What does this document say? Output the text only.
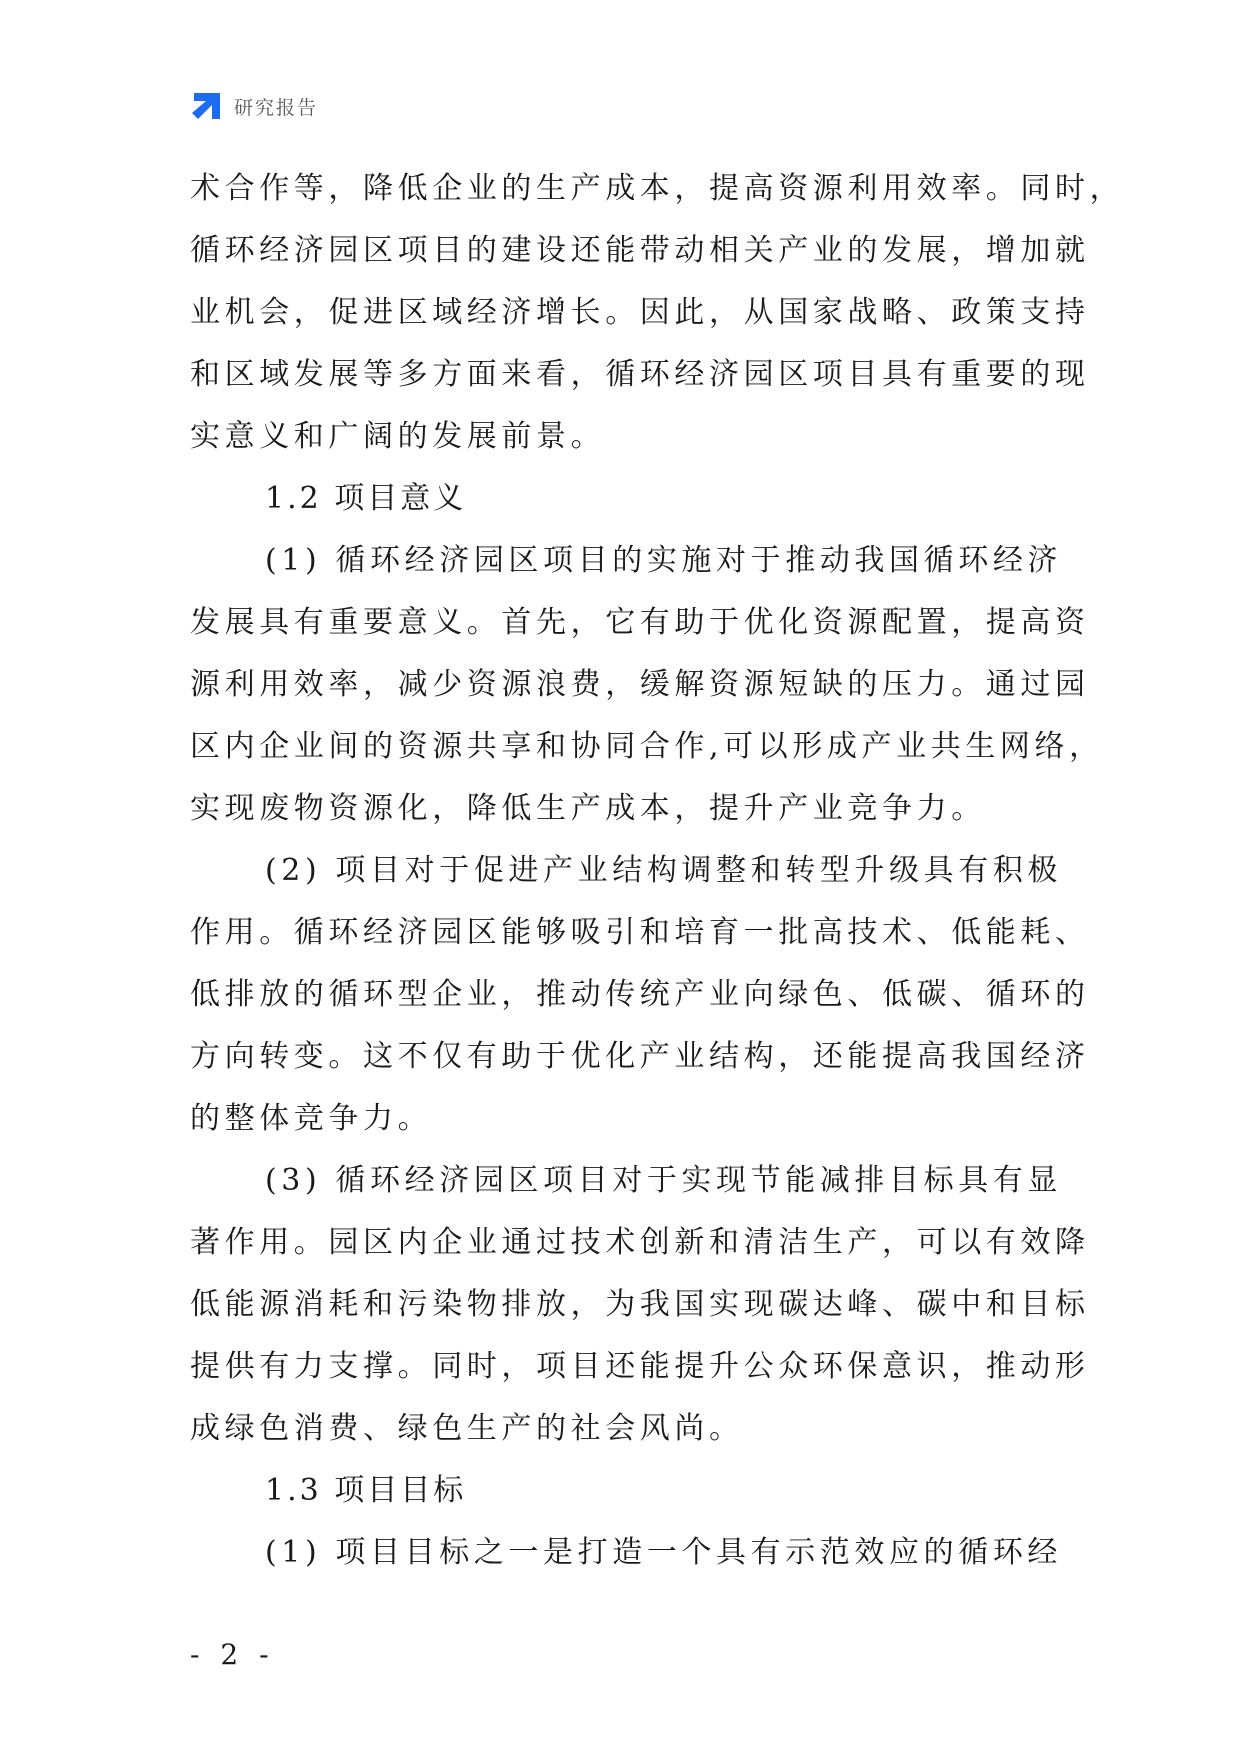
研究报告
术合作等，降低企业的生产成本，提高资源利用效率。同时，
循环经济园区项目的建设还能带动相关产业的发展，增加就
业机会，促进区域经济增长。因此，从国家战略、政策支持
和区域发展等多方面来看，循环经济园区项目具有重要的现
实意义和广阔的发展前景。
1.2 项目意义
(1) 循环经济园区项目的实施对于推动我国循环经济
发展具有重要意义。首先，它有助于优化资源配置，提高资
源利用效率，减少资源浪费，缓解资源短缺的压力。通过园
区内企业间的资源共享和协同合作,可以形成产业共生网络，
实现废物资源化，降低生产成本，提升产业竞争力。
(2) 项目对于促进产业结构调整和转型升级具有积极
作用。循环经济园区能够吸引和培育一批高技术、低能耗、
低排放的循环型企业，推动传统产业向绿色、低碳、循环的
方向转变。这不仅有助于优化产业结构，还能提高我国经济
的整体竞争力。
(3) 循环经济园区项目对于实现节能减排目标具有显
著作用。园区内企业通过技术创新和清洁生产，可以有效降
低能源消耗和污染物排放，为我国实现碳达峰、碳中和目标
提供有力支撑。同时，项目还能提升公众环保意识，推动形
成绿色消费、绿色生产的社会风尚。
1.3 项目目标
(1) 项目目标之一是打造一个具有示范效应的循环经
- 2 -
